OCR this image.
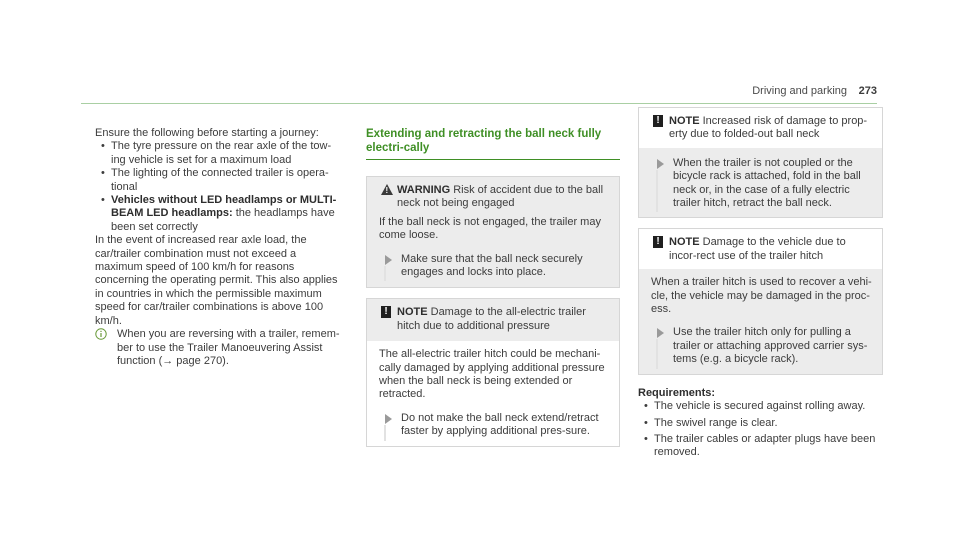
Driving and parking 273

Ensure the following before starting a journey:

• The tyre pressure on the rear axle of the tow-ing vehicle is set for a maximum load
• The lighting of the connected trailer is opera-tional
• Vehicles without LED headlamps or MULTI-BEAM LED headlamps: the headlamps have been set correctly

In the event of increased rear axle load, the car/trailer combination must not exceed a maximum speed of 100 km/h for reasons concerning the operating permit. This also applies in countries in which the permissible maximum speed for car/trailer combinations is above 100 km/h.

When you are reversing with a trailer, remem-ber to use the Trailer Manoeuvering Assist function (→ page 270).
Extending and retracting the ball neck fully electri-cally
!
WARNING Risk of accident due to the ball neck not being engaged

If the ball neck is not engaged, the trailer may come loose.

Make sure that the ball neck securely engages and locks into place.
! NOTE Damage to the all-electric trailer hitch due to additional pressure

The all-electric trailer hitch could be mechani-cally damaged by applying additional pressure when the ball neck is being extended or retracted.

Do not make the ball neck extend/retract faster by applying additional pres-sure.
! NOTE Increased risk of damage to prop-erty due to folded-out ball neck
When the trailer is not coupled or the bicycle rack is attached, fold in the ball neck or, in the case of a fully electric trailer hitch, retract the ball neck.
! NOTE Damage to the vehicle due to incor-rect use of the trailer hitch

When a trailer hitch is used to recover a vehi-cle, the vehicle may be damaged in the proc-ess.

Use the trailer hitch only for pulling a trailer or attaching approved carrier sys-tems (e.g. a bicycle rack).
Requirements:
• The vehicle is secured against rolling away.
• The swivel range is clear.
• The trailer cables or adapter plugs have been removed.
